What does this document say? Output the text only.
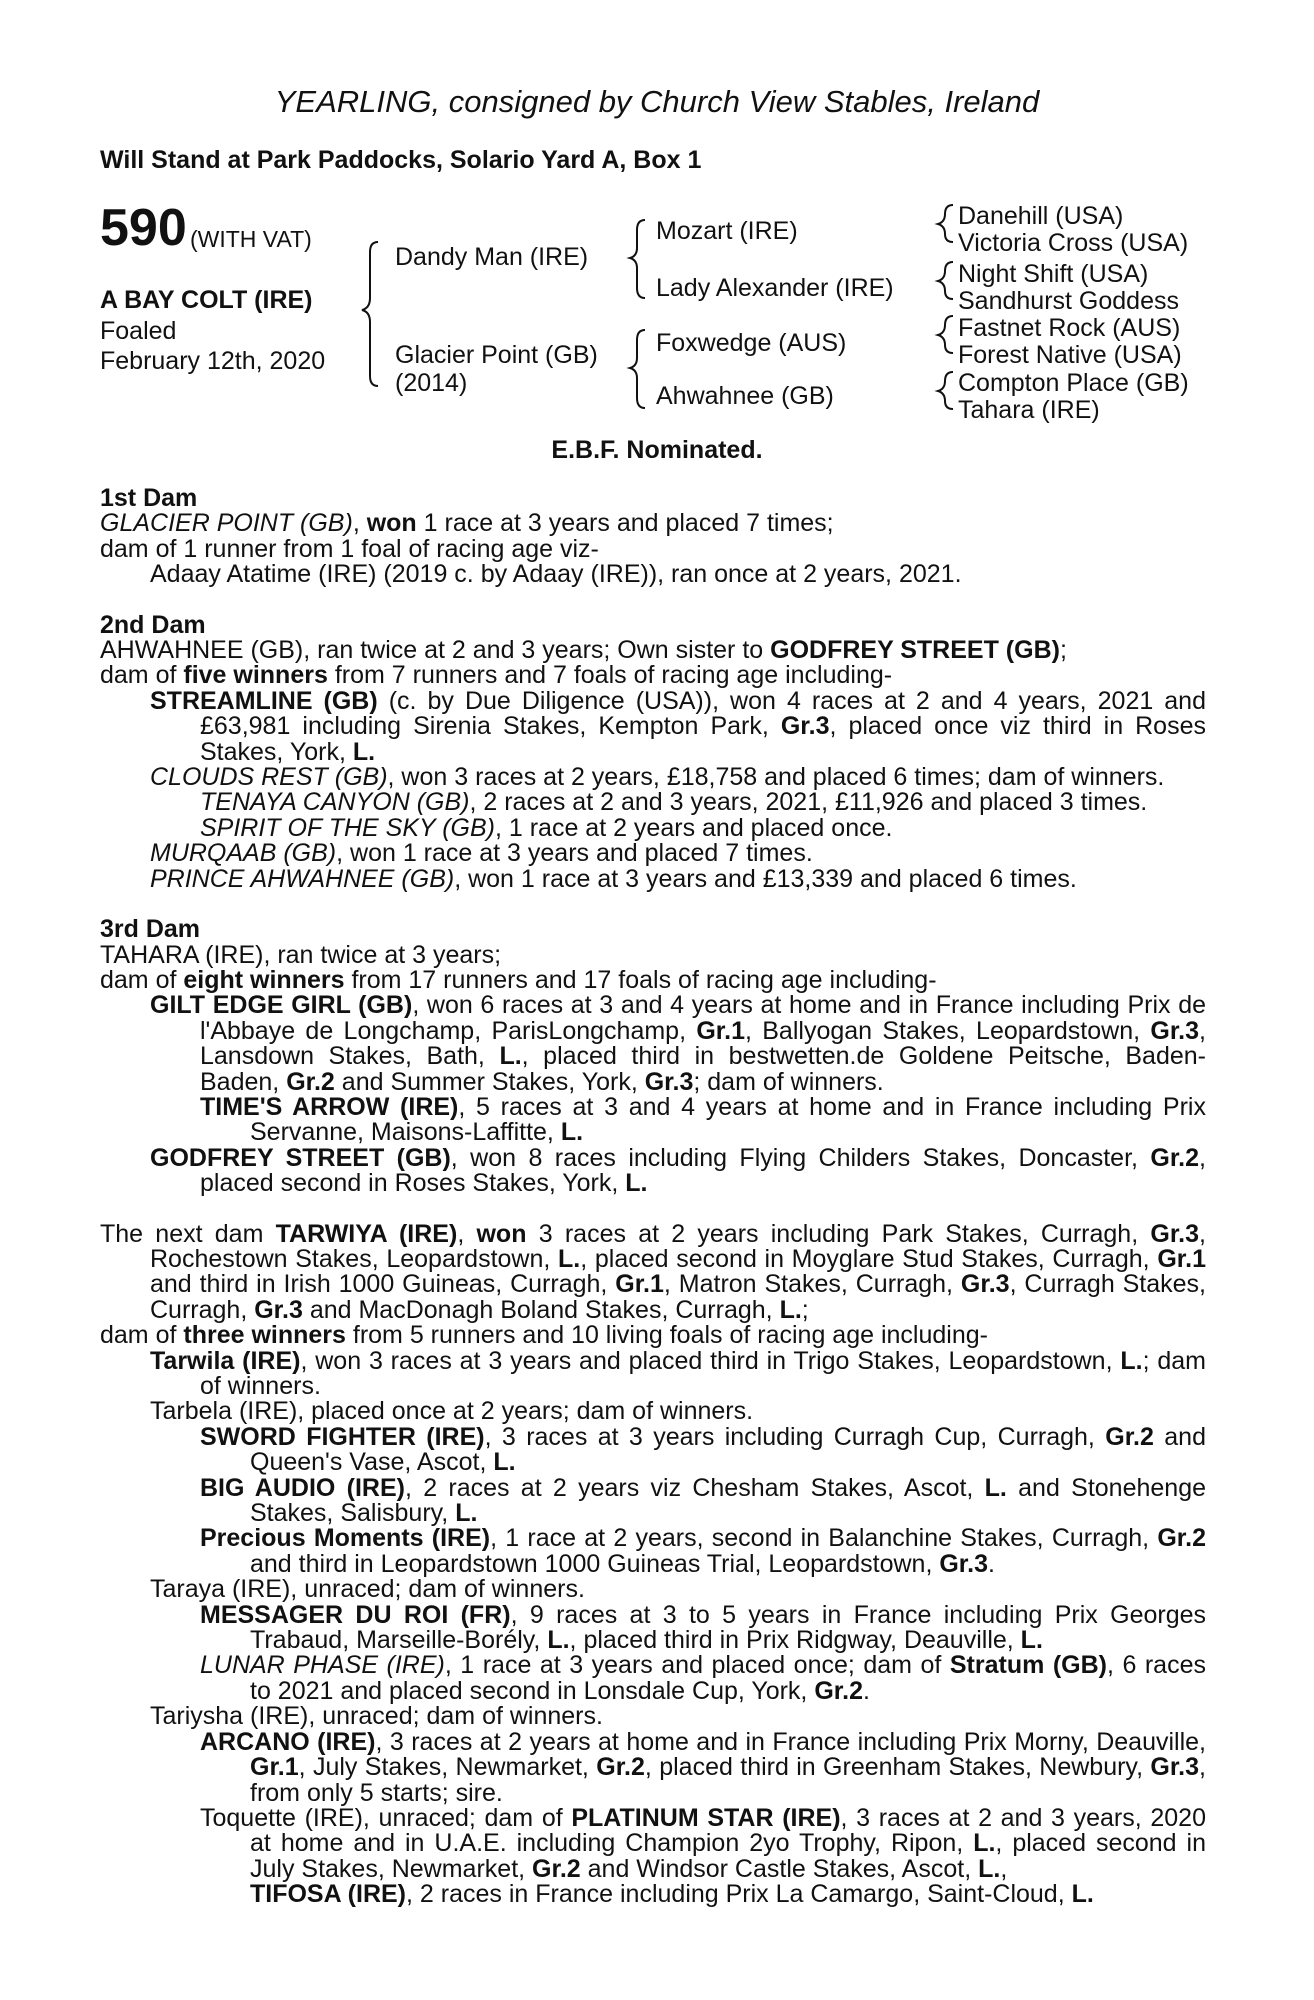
YEARLING, consigned by Church View Stables, Ireland
Will Stand at Park Paddocks, Solario Yard A, Box 1
590 (WITH VAT)
A BAY COLT (IRE)
Foaled
February 12th, 2020
Dandy Man (IRE)
Glacier Point (GB)
(2014)
Mozart (IRE)
Lady Alexander (IRE)
Foxwedge (AUS)
Ahwahnee (GB)
Danehill (USA)
Victoria Cross (USA)
Night Shift (USA)
Sandhurst Goddess
Fastnet Rock (AUS)
Forest Native (USA)
Compton Place (GB)
Tahara (IRE)
E.B.F. Nominated.
1st Dam
GLACIER POINT (GB), won 1 race at 3 years and placed 7 times;
dam of 1 runner from 1 foal of racing age viz-
Adaay Atatime (IRE) (2019 c. by Adaay (IRE)), ran once at 2 years, 2021.
2nd Dam
AHWAHNEE (GB), ran twice at 2 and 3 years; Own sister to GODFREY STREET (GB);
dam of five winners from 7 runners and 7 foals of racing age including-
STREAMLINE (GB) (c. by Due Diligence (USA)), won 4 races at 2 and 4 years, 2021 and £63,981 including Sirenia Stakes, Kempton Park, Gr.3, placed once viz third in Roses Stakes, York, L.
CLOUDS REST (GB), won 3 races at 2 years, £18,758 and placed 6 times; dam of winners.
TENAYA CANYON (GB), 2 races at 2 and 3 years, 2021, £11,926 and placed 3 times.
SPIRIT OF THE SKY (GB), 1 race at 2 years and placed once.
MURQAAB (GB), won 1 race at 3 years and placed 7 times.
PRINCE AHWAHNEE (GB), won 1 race at 3 years and £13,339 and placed 6 times.
3rd Dam
TAHARA (IRE), ran twice at 3 years;
dam of eight winners from 17 runners and 17 foals of racing age including-
GILT EDGE GIRL (GB), won 6 races at 3 and 4 years at home and in France including Prix de l'Abbaye de Longchamp, ParisLongchamp, Gr.1, Ballyogan Stakes, Leopardstown, Gr.3, Lansdown Stakes, Bath, L., placed third in bestwetten.de Goldene Peitsche, Baden-Baden, Gr.2 and Summer Stakes, York, Gr.3; dam of winners.
TIME'S ARROW (IRE), 5 races at 3 and 4 years at home and in France including Prix Servanne, Maisons-Laffitte, L.
GODFREY STREET (GB), won 8 races including Flying Childers Stakes, Doncaster, Gr.2, placed second in Roses Stakes, York, L.
The next dam TARWIYA (IRE), won 3 races at 2 years including Park Stakes, Curragh, Gr.3, Rochestown Stakes, Leopardstown, L., placed second in Moyglare Stud Stakes, Curragh, Gr.1 and third in Irish 1000 Guineas, Curragh, Gr.1, Matron Stakes, Curragh, Gr.3, Curragh Stakes, Curragh, Gr.3 and MacDonagh Boland Stakes, Curragh, L.;
dam of three winners from 5 runners and 10 living foals of racing age including-
Tarwila (IRE), won 3 races at 3 years and placed third in Trigo Stakes, Leopardstown, L.; dam of winners.
Tarbela (IRE), placed once at 2 years; dam of winners.
SWORD FIGHTER (IRE), 3 races at 3 years including Curragh Cup, Curragh, Gr.2 and Queen's Vase, Ascot, L.
BIG AUDIO (IRE), 2 races at 2 years viz Chesham Stakes, Ascot, L. and Stonehenge Stakes, Salisbury, L.
Precious Moments (IRE), 1 race at 2 years, second in Balanchine Stakes, Curragh, Gr.2 and third in Leopardstown 1000 Guineas Trial, Leopardstown, Gr.3.
Taraya (IRE), unraced; dam of winners.
MESSAGER DU ROI (FR), 9 races at 3 to 5 years in France including Prix Georges Trabaud, Marseille-Borély, L., placed third in Prix Ridgway, Deauville, L.
LUNAR PHASE (IRE), 1 race at 3 years and placed once; dam of Stratum (GB), 6 races to 2021 and placed second in Lonsdale Cup, York, Gr.2.
Tariysha (IRE), unraced; dam of winners.
ARCANO (IRE), 3 races at 2 years at home and in France including Prix Morny, Deauville, Gr.1, July Stakes, Newmarket, Gr.2, placed third in Greenham Stakes, Newbury, Gr.3, from only 5 starts; sire.
Toquette (IRE), unraced; dam of PLATINUM STAR (IRE), 3 races at 2 and 3 years, 2020 at home and in U.A.E. including Champion 2yo Trophy, Ripon, L., placed second in July Stakes, Newmarket, Gr.2 and Windsor Castle Stakes, Ascot, L.,
TIFOSA (IRE), 2 races in France including Prix La Camargo, Saint-Cloud, L.
